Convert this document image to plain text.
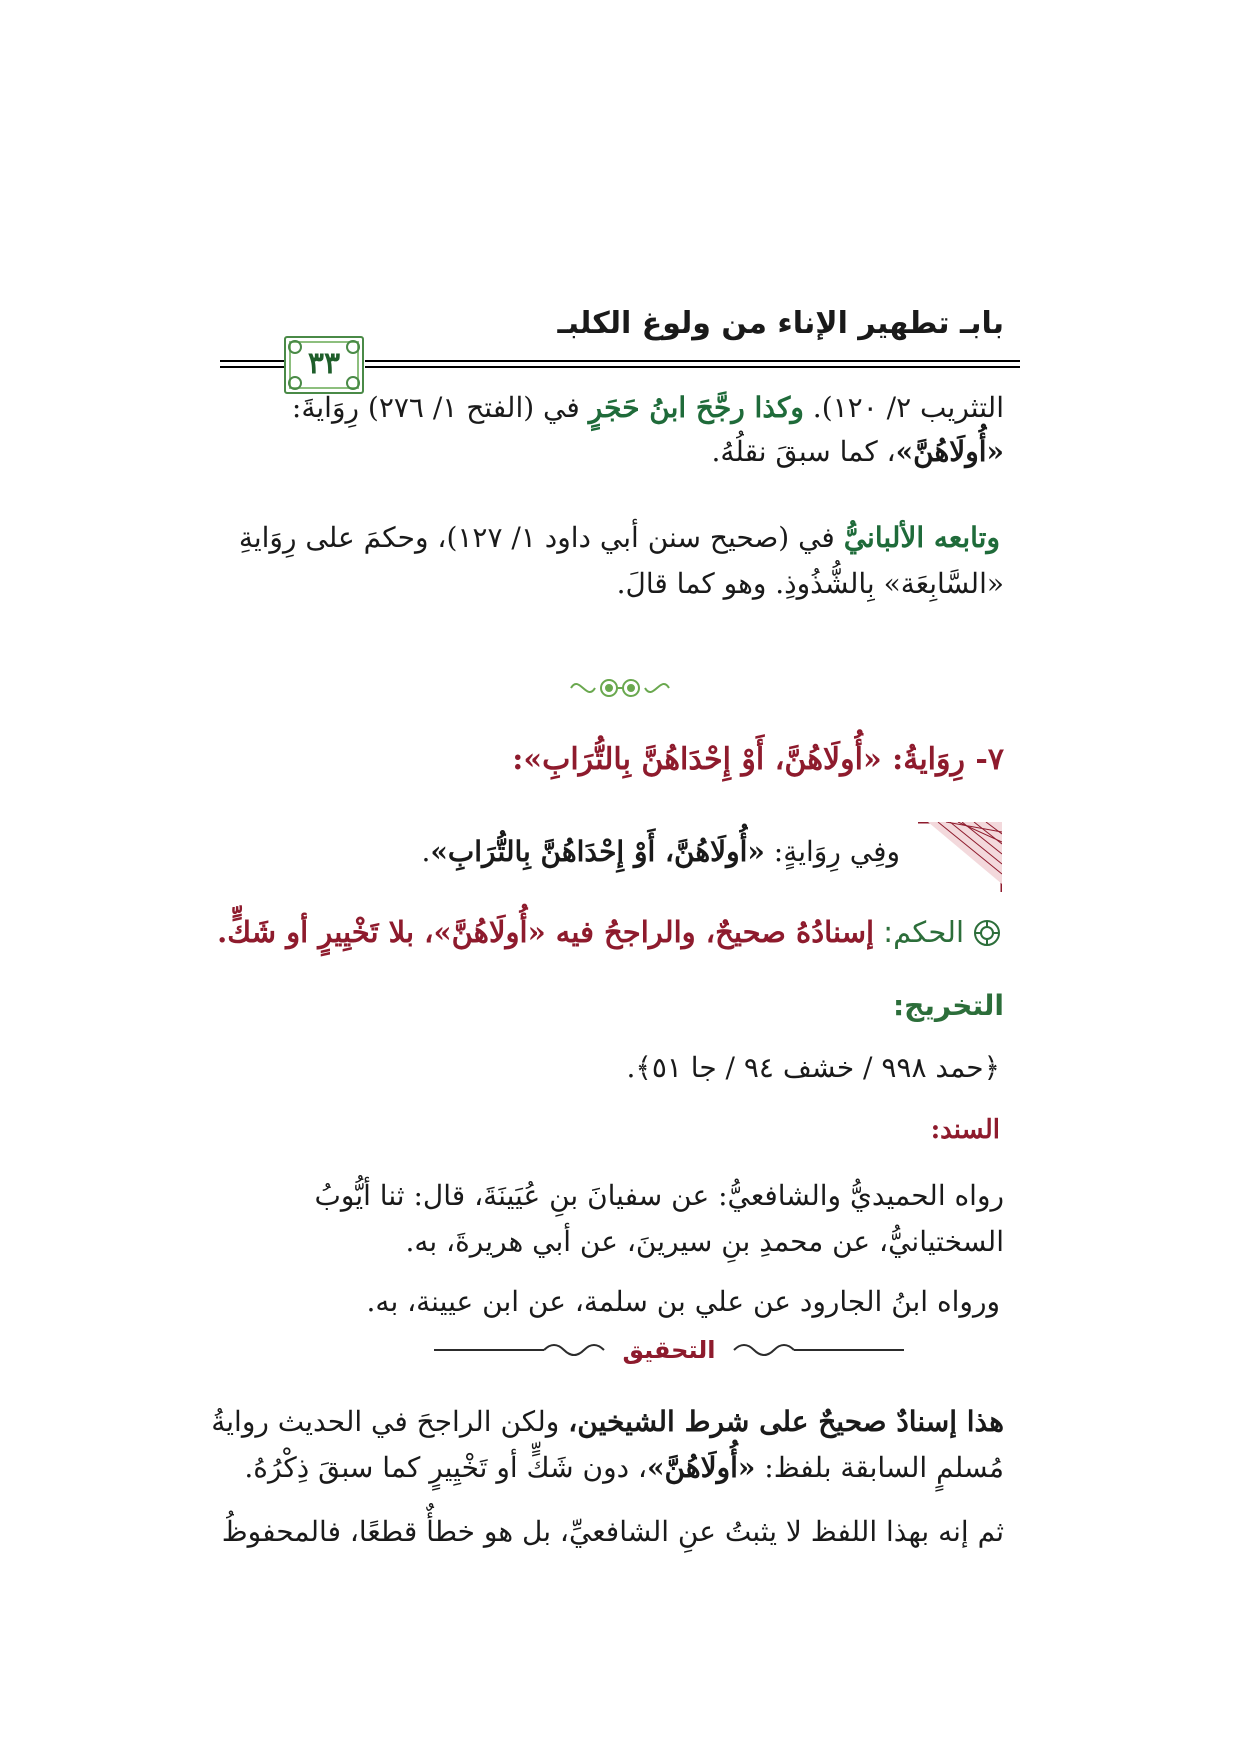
بابـ تطهير الإناء من ولوغ الكلبـ
٣٣
التثريب ٢/ ١٢٠). وكذا رجَّحَ ابنُ حَجَرٍ في (الفتح ١/ ٢٧٦) رِوَايةَ:
«أُولَاهُنَّ»، كما سبقَ نقلُهُ.
وتابعه الألبانيُّ في (صحيح سنن أبي داود ١/ ١٢٧)، وحكمَ على رِوَايةِ
«السَّابِعَة» بِالشُّذُوذِ. وهو كما قالَ.
٧- رِوَايةُ: «أُولَاهُنَّ، أَوْ إِحْدَاهُنَّ بِالتُّرَابِ»:
وفِي رِوَايةٍ: «أُولَاهُنَّ، أَوْ إِحْدَاهُنَّ بِالتُّرَابِ».
الحكم: إسنادُهُ صحيحٌ، والراجحُ فيه «أُولَاهُنَّ»، بلا تَخْيِيرٍ أو شَكٍّ.
التخريج:
﴿حمد ٩٩٨ / خشف ٩٤ / جا ٥١﴾.
السند:
رواه الحميديُّ والشافعيُّ: عن سفيانَ بنِ عُيَينَةَ، قال: ثنا أيُّوبُ
السختيانيُّ، عن محمدِ بنِ سيرينَ، عن أبي هريرةَ، به.
ورواه ابنُ الجارود عن علي بن سلمة، عن ابن عيينة، به.
التحقيق
هذا إسنادٌ صحيحٌ على شرط الشيخين، ولكن الراجحَ في الحديث روايةُ
مُسلمٍ السابقة بلفظ: «أُولَاهُنَّ»، دون شَكٍّ أو تَخْيِيرٍ كما سبقَ ذِكْرُهُ.
ثم إنه بهذا اللفظ لا يثبتُ عنِ الشافعيِّ، بل هو خطأٌ قطعًا، فالمحفوظُ
